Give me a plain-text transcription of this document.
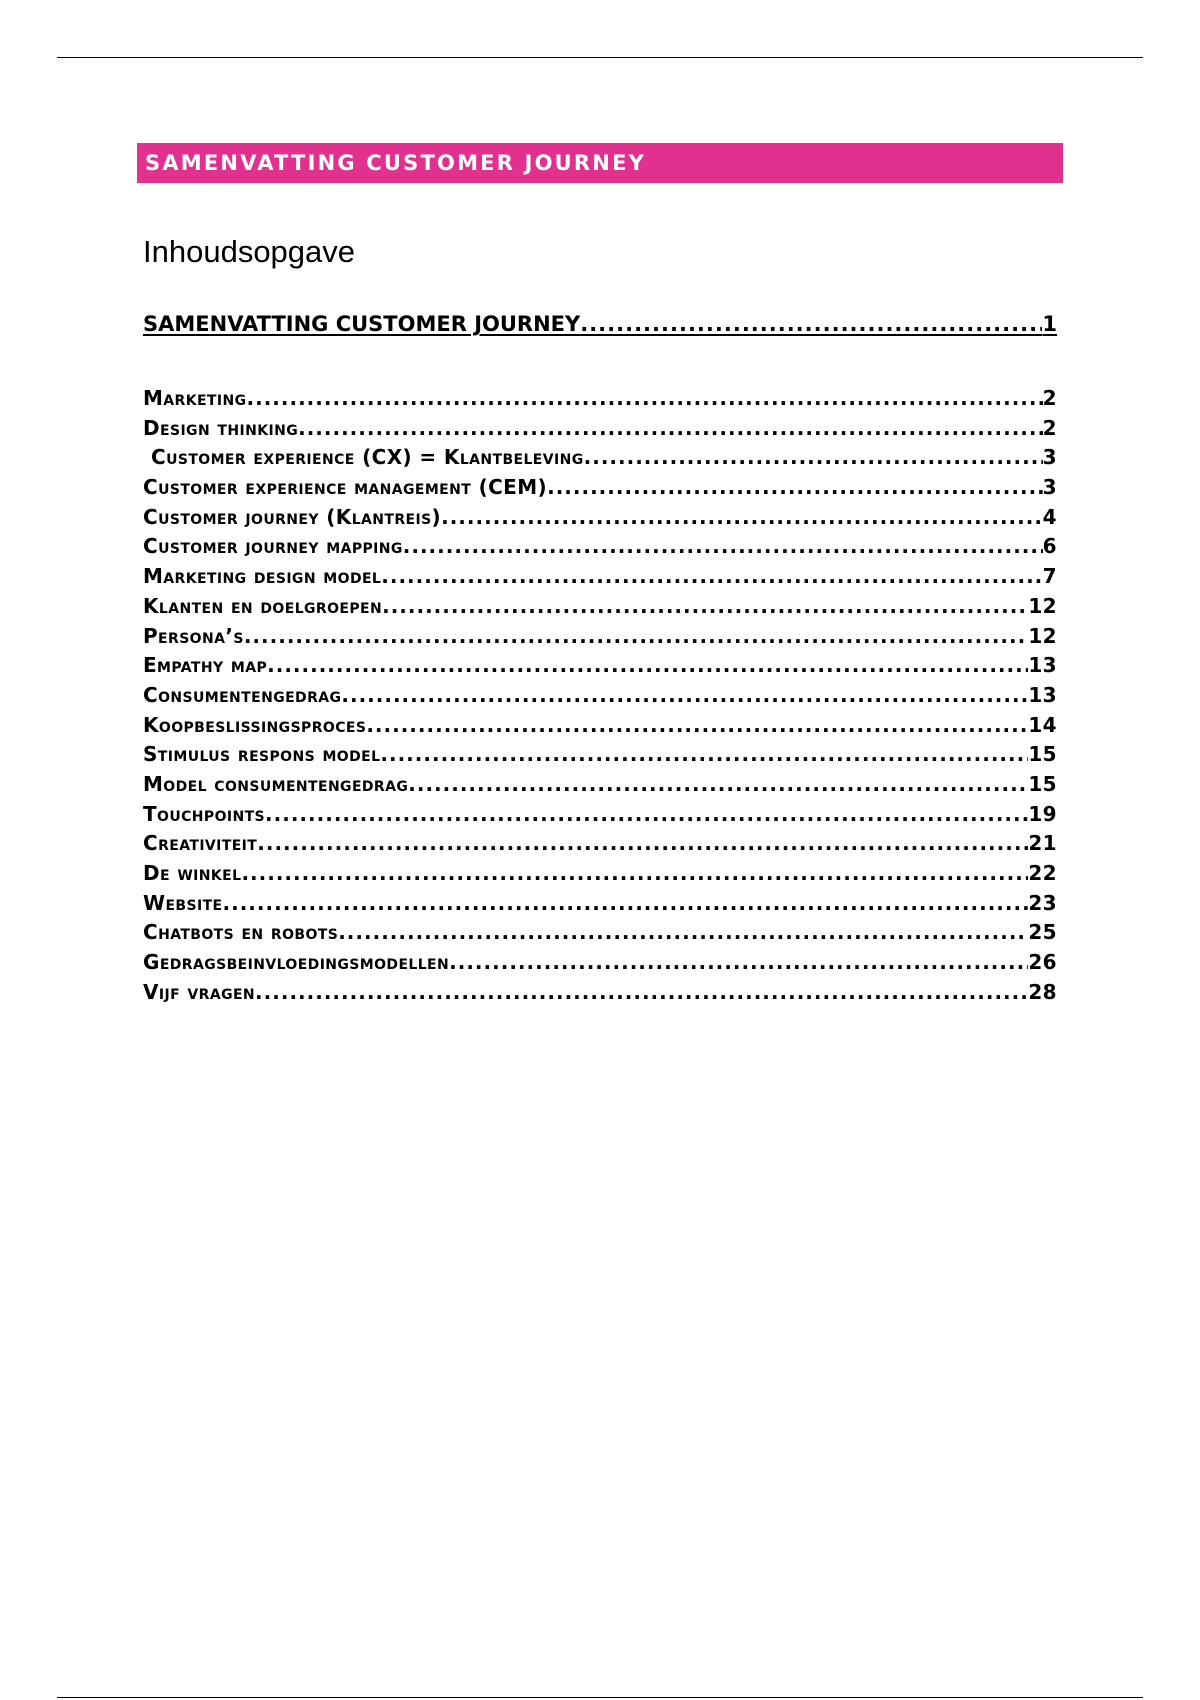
SAMENVATTING CUSTOMER JOURNEY
Inhoudsopgave
SAMENVATTING CUSTOMER JOURNEY .....	1
Marketing .....	2
Design thinking .....	2
Customer experience (CX) = Klantbeleving .....	3
Customer experience management (CEM) .....	3
Customer journey (Klantreis) .....	4
Customer journey mapping .....	6
Marketing design model .....	7
Klanten en doelgroepen .....	12
Persona’s .....	12
Empathy map .....	13
Consumentengedrag .....	13
Koopbeslissingsproces .....	14
Stimulus respons model .....	15
Model consumentengedrag .....	15
Touchpoints .....	19
Creativiteit .....	21
De winkel .....	22
Website .....	23
Chatbots en robots .....	25
Gedragsbeinvloedingsmodellen .....	26
Vijf vragen .....	28
